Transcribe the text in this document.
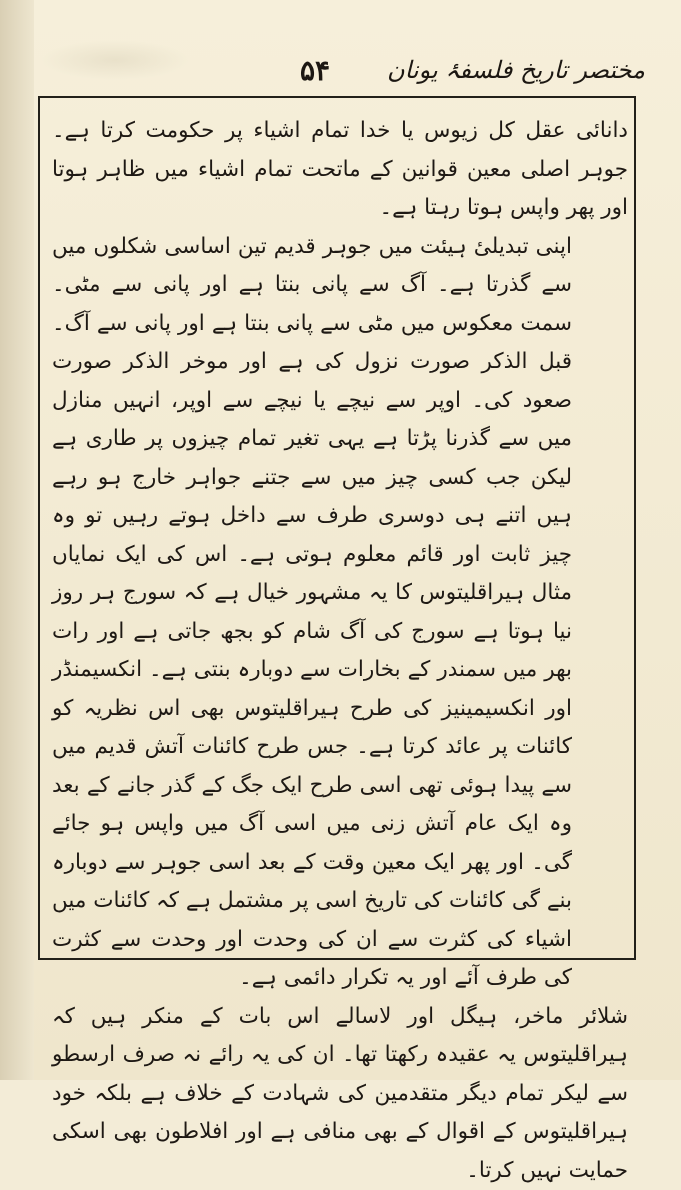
مختصر تاریخ فلسفۂ یونان
۵۴

دانائی عقل کل زیوس یا خدا تمام اشیاء پر حکومت کرتا ہے۔ جوہر اصلی معین قوانین کے ماتحت تمام اشیاء میں ظاہر ہوتا اور پھر واپس ہوتا رہتا ہے۔

اپنی تبدیلیٔ ہیئت میں جوہر قدیم تین اساسی شکلوں میں سے گذرتا ہے۔ آگ سے پانی بنتا ہے اور پانی سے مٹی۔ سمت معکوس میں مٹی سے پانی بنتا ہے اور پانی سے آگ۔ قبل الذکر صورت نزول کی ہے اور موخر الذکر صورت صعود کی۔ اوپر سے نیچے یا نیچے سے اوپر، انہیں منازل میں سے گذرنا پڑتا ہے یہی تغیر تمام چیزوں پر طاری ہے لیکن جب کسی چیز میں سے جتنے جواہر خارج ہو رہے ہیں اتنے ہی دوسری طرف سے داخل ہوتے رہیں تو وہ چیز ثابت اور قائم معلوم ہوتی ہے۔ اس کی ایک نمایاں مثال ہیراقلیتوس کا یہ مشہور خیال ہے کہ سورج ہر روز نیا ہوتا ہے سورج کی آگ شام کو بجھ جاتی ہے اور رات بھر میں سمندر کے بخارات سے دوبارہ بنتی ہے۔ انکسیمنڈر اور انکسیمینیز کی طرح ہیراقلیتوس بھی اس نظریہ کو کائنات پر عائد کرتا ہے۔ جس طرح کائنات آتش قدیم میں سے پیدا ہوئی تھی اسی طرح ایک جگ کے گذر جانے کے بعد وہ ایک عام آتش زنی میں اسی آگ میں واپس ہو جائے گی۔ اور پھر ایک معین وقت کے بعد اسی جوہر سے دوبارہ بنے گی کائنات کی تاریخ اسی پر مشتمل ہے کہ کائنات میں اشیاء کی کثرت سے ان کی وحدت اور وحدت سے کثرت کی طرف آئے اور یہ تکرار دائمی ہے۔

شلائر ماخر، ہیگل اور لاسالے اس بات کے منکر ہیں کہ ہیراقلیتوس یہ عقیدہ رکھتا تھا۔ ان کی یہ رائے نہ صرف ارسطو سے لیکر تمام دیگر متقدمین کی شہادت کے خلاف ہے بلکہ خود ہیراقلیتوس کے اقوال کے بھی منافی ہے اور افلاطون بھی اسکی حمایت نہیں کرتا۔
